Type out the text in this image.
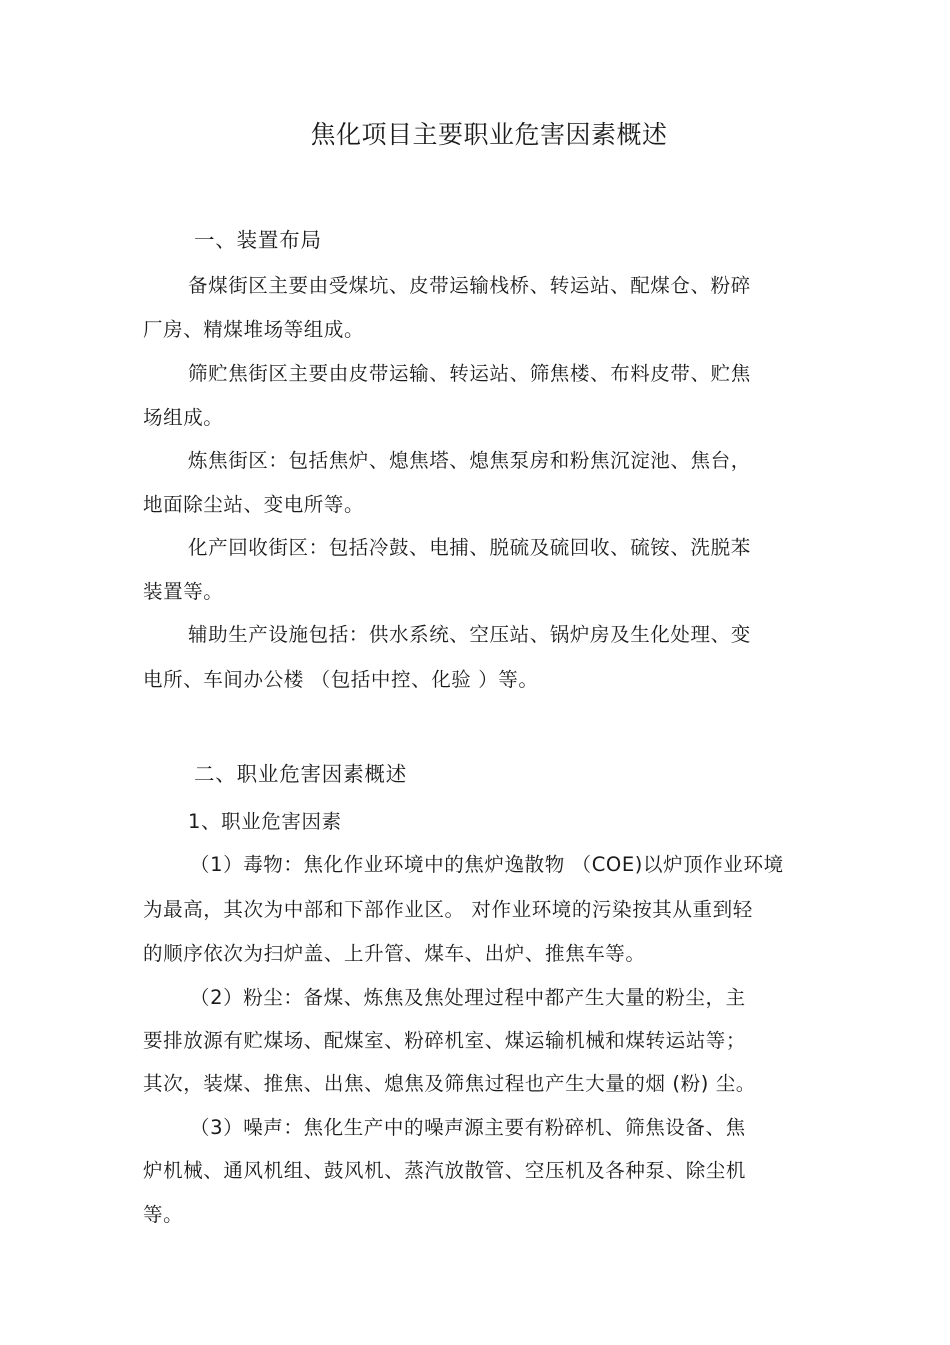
焦化项目主要职业危害因素概述
一、装置布局
备煤街区主要由受煤坑、皮带运输栈桥、转运站、配煤仓、粉碎
厂房、精煤堆场等组成。
筛贮焦街区主要由皮带运输、转运站、筛焦楼、布料皮带、贮焦
场组成。
炼焦街区：包括焦炉、熄焦塔、熄焦泵房和粉焦沉淀池、焦台，
地面除尘站、变电所等。
化产回收街区：包括冷鼓、电捕、脱硫及硫回收、硫铵、洗脱苯
装置等。
辅助生产设施包括：供水系统、空压站、锅炉房及生化处理、变
电所、车间办公楼 （包括中控、化验 ）等。
二、职业危害因素概述
1、职业危害因素
（1）毒物：焦化作业环境中的焦炉逸散物 （COE)以炉顶作业环境
为最高，其次为中部和下部作业区。 对作业环境的污染按其从重到轻
的顺序依次为扫炉盖、上升管、煤车、出炉、推焦车等。
（2）粉尘：备煤、炼焦及焦处理过程中都产生大量的粉尘，主
要排放源有贮煤场、配煤室、粉碎机室、煤运输机械和煤转运站等；
其次，装煤、推焦、出焦、熄焦及筛焦过程也产生大量的烟 (粉) 尘。
（3）噪声：焦化生产中的噪声源主要有粉碎机、筛焦设备、焦
炉机械、通风机组、鼓风机、蒸汽放散管、空压机及各种泵、除尘机
等。
